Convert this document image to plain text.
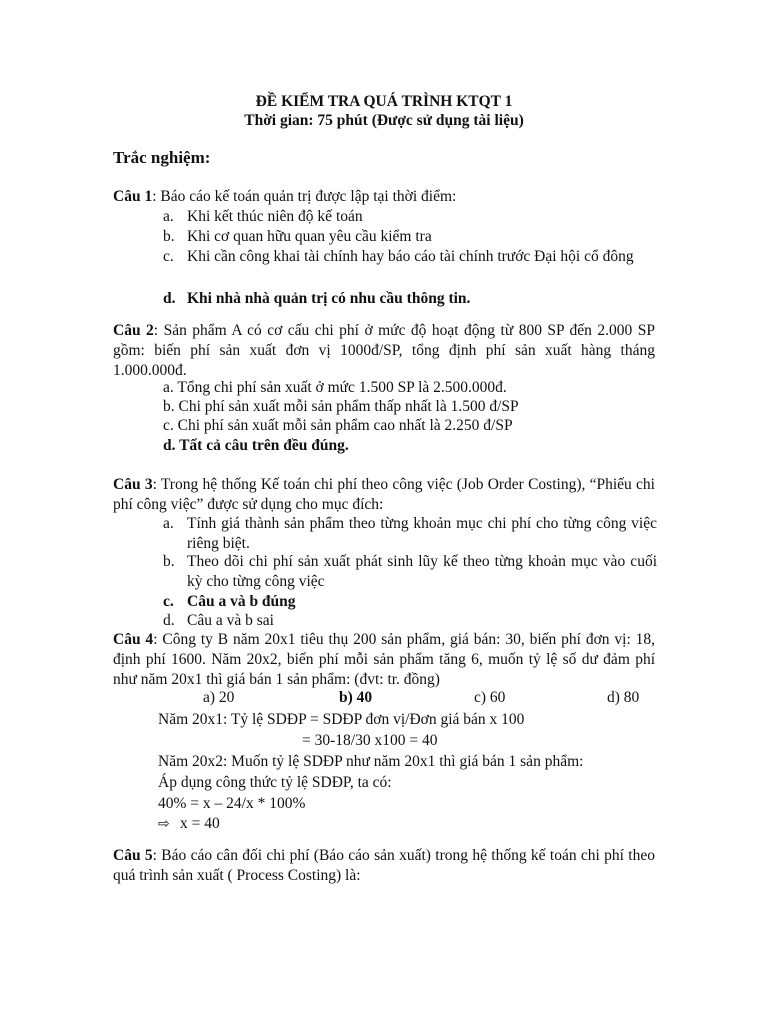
ĐỀ KIỂM TRA QUÁ TRÌNH KTQT 1
Thời gian: 75 phút (Được sử dụng tài liệu)
Trắc nghiệm:
Câu 1: Báo cáo kế toán quản trị được lập tại thời điểm:
a. Khi kết thúc niên độ kế toán
b. Khi cơ quan hữu quan yêu cầu kiểm tra
c. Khi cần công khai tài chính hay báo cáo tài chính trước Đại hội cổ đông
d. Khi nhà nhà quản trị có nhu cầu thông tin.
Câu 2: Sản phẩm A có cơ cấu chi phí ở mức độ hoạt động từ 800 SP đến 2.000 SP gồm: biến phí sản xuất đơn vị 1000đ/SP, tổng định phí sản xuất hàng tháng 1.000.000đ.
a. Tổng chi phí sản xuất ở mức 1.500 SP là 2.500.000đ.
b. Chi phí sản xuất mỗi sản phẩm thấp nhất là 1.500 đ/SP
c. Chi phí sản xuất mỗi sản phẩm cao nhất là 2.250 đ/SP
d. Tất cả câu trên đều đúng.
Câu 3: Trong hệ thống Kế toán chi phí theo công việc (Job Order Costing), “Phiếu chi phí công việc” được sử dụng cho mục đích:
a. Tính giá thành sản phẩm theo từng khoản mục chi phí cho từng công việc riêng biệt.
b. Theo dõi chi phí sản xuất phát sinh lũy kế theo từng khoản mục vào cuối kỳ cho từng công việc
c. Câu a và b đúng
d. Câu a và b sai
Câu 4: Công ty B năm 20x1 tiêu thụ 200 sản phẩm, giá bán: 30, biến phí đơn vị: 18, định phí 1600. Năm 20x2, biến phí mỗi sản phẩm tăng 6, muốn tỷ lệ số dư đảm phí như năm 20x1 thì giá bán 1 sản phẩm: (đvt: tr. đồng)
a) 20	b) 40	c) 60	d) 80
Năm 20x1: Tỷ lệ SDĐP = SDĐP đơn vị/Đơn giá bán x 100
= 30-18/30 x100 = 40
Năm 20x2: Muốn tỷ lệ SDĐP như năm 20x1 thì giá bán 1 sản phẩm:
Áp dụng công thức tỷ lệ SDĐP, ta có:
40% = x – 24/x * 100%
⇨ x = 40
Câu 5: Báo cáo cân đối chi phí (Báo cáo sản xuất) trong hệ thống kế toán chi phí theo quá trình sản xuất ( Process Costing) là:
